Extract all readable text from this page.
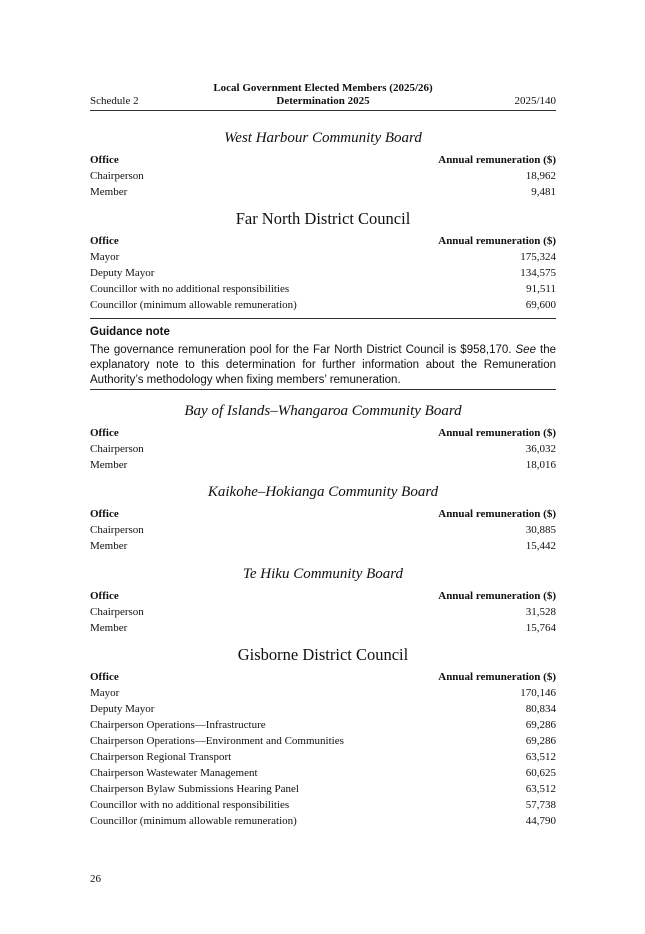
Schedule 2
Local Government Elected Members (2025/26)
Determination 2025	2025/140
West Harbour Community Board
Office	Annual remuneration ($)
Chairperson	18,962
Member	9,481
Far North District Council
Office	Annual remuneration ($)
Mayor	175,324
Deputy Mayor	134,575
Councillor with no additional responsibilities	91,511
Councillor (minimum allowable remuneration)	69,600
Guidance note
The governance remuneration pool for the Far North District Council is $958,170. See the explanatory note to this determination for further information about the Remuneration Authority’s methodology when fixing members’ remuneration.
Bay of Islands–Whangaroa Community Board
Office	Annual remuneration ($)
Chairperson	36,032
Member	18,016
Kaikohe–Hokianga Community Board
Office	Annual remuneration ($)
Chairperson	30,885
Member	15,442
Te Hiku Community Board
Office	Annual remuneration ($)
Chairperson	31,528
Member	15,764
Gisborne District Council
Office	Annual remuneration ($)
Mayor	170,146
Deputy Mayor	80,834
Chairperson Operations—Infrastructure	69,286
Chairperson Operations—Environment and Communities	69,286
Chairperson Regional Transport	63,512
Chairperson Wastewater Management	60,625
Chairperson Bylaw Submissions Hearing Panel	63,512
Councillor with no additional responsibilities	57,738
Councillor (minimum allowable remuneration)	44,790
26
